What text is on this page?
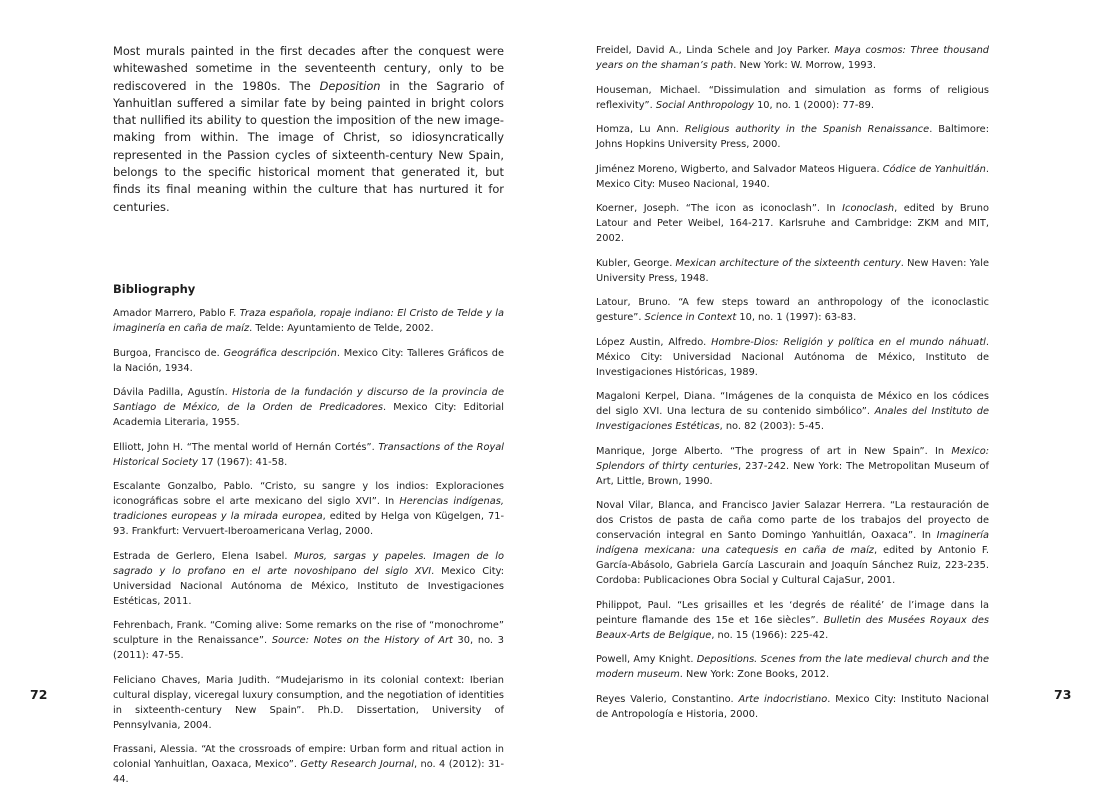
Most murals painted in the first decades after the conquest were whitewashed sometime in the seventeenth century, only to be rediscovered in the 1980s. The Deposition in the Sagrario of Yanhuitlan suffered a similar fate by being painted in bright colors that nullified its ability to question the imposition of the new image-making from within. The image of Christ, so idiosyncratically represented in the Passion cycles of sixteenth-century New Spain, belongs to the specific historical moment that generated it, but finds its final meaning within the culture that has nurtured it for centuries.

Bibliography
Amador Marrero, Pablo F. Traza española, ropaje indiano: El Cristo de Telde y la imaginería en caña de maíz. Telde: Ayuntamiento de Telde, 2002.
Burgoa, Francisco de. Geográfica descripción. Mexico City: Talleres Gráficos de la Nación, 1934.
Dávila Padilla, Agustín. Historia de la fundación y discurso de la provincia de Santiago de México, de la Orden de Predicadores. Mexico City: Editorial Academia Literaria, 1955.
Elliott, John H. “The mental world of Hernán Cortés”. Transactions of the Royal Historical Society 17 (1967): 41-58.
Escalante Gonzalbo, Pablo. “Cristo, su sangre y los indios: Exploraciones iconográficas sobre el arte mexicano del siglo XVI”. In Herencias indígenas, tradiciones europeas y la mirada europea, edited by Helga von Kügelgen, 71-93. Frankfurt: Vervuert-Iberoamericana Verlag, 2000.
Estrada de Gerlero, Elena Isabel. Muros, sargas y papeles. Imagen de lo sagrado y lo profano en el arte novoshipano del siglo XVI. Mexico City: Universidad Nacional Autónoma de México, Instituto de Investigaciones Estéticas, 2011.
Fehrenbach, Frank. “Coming alive: Some remarks on the rise of “monochrome” sculpture in the Renaissance”. Source: Notes on the History of Art 30, no. 3 (2011): 47-55.
Feliciano Chaves, Maria Judith. “Mudejarismo in its colonial context: Iberian cultural display, viceregal luxury consumption, and the negotiation of identities in sixteenth-century New Spain”. Ph.D. Dissertation, University of Pennsylvania, 2004.
Frassani, Alessia. “At the crossroads of empire: Urban form and ritual action in colonial Yanhuitlan, Oaxaca, Mexico”. Getty Research Journal, no. 4 (2012): 31-44.

72

Freidel, David A., Linda Schele and Joy Parker. Maya cosmos: Three thousand years on the shaman’s path. New York: W. Morrow, 1993.
Houseman, Michael. “Dissimulation and simulation as forms of religious reflexivity”. Social Anthropology 10, no. 1 (2000): 77-89.
Homza, Lu Ann. Religious authority in the Spanish Renaissance. Baltimore: Johns Hopkins University Press, 2000.
Jiménez Moreno, Wigberto, and Salvador Mateos Higuera. Códice de Yanhuitlán. Mexico City: Museo Nacional, 1940.
Koerner, Joseph. “The icon as iconoclash”. In Iconoclash, edited by Bruno Latour and Peter Weibel, 164-217. Karlsruhe and Cambridge: ZKM and MIT, 2002.
Kubler, George. Mexican architecture of the sixteenth century. New Haven: Yale University Press, 1948.
Latour, Bruno. “A few steps toward an anthropology of the iconoclastic gesture”. Science in Context 10, no. 1 (1997): 63-83.
López Austin, Alfredo. Hombre-Dios: Religión y política en el mundo náhuatl. México City: Universidad Nacional Autónoma de México, Instituto de Investigaciones Históricas, 1989.
Magaloni Kerpel, Diana. “Imágenes de la conquista de México en los códices del siglo XVI. Una lectura de su contenido simbólico”. Anales del Instituto de Investigaciones Estéticas, no. 82 (2003): 5-45.
Manrique, Jorge Alberto. “The progress of art in New Spain”. In Mexico: Splendors of thirty centuries, 237-242. New York: The Metropolitan Museum of Art, Little, Brown, 1990.
Noval Vilar, Blanca, and Francisco Javier Salazar Herrera. “La restauración de dos Cristos de pasta de caña como parte de los trabajos del proyecto de conservación integral en Santo Domingo Yanhuitlán, Oaxaca”. In Imaginería indígena mexicana: una catequesis en caña de maíz, edited by Antonio F. García-Abásolo, Gabriela García Lascurain and Joaquín Sánchez Ruiz, 223-235. Cordoba: Publicaciones Obra Social y Cultural CajaSur, 2001.
Philippot, Paul. “Les grisailles et les ‘degrés de réalité’ de l’image dans la peinture flamande des 15e et 16e siècles”. Bulletin des Musées Royaux des Beaux-Arts de Belgique, no. 15 (1966): 225-42.
Powell, Amy Knight. Depositions. Scenes from the late medieval church and the modern museum. New York: Zone Books, 2012.
Reyes Valerio, Constantino. Arte indocristiano. Mexico City: Instituto Nacional de Antropología e Historia, 2000.

73
